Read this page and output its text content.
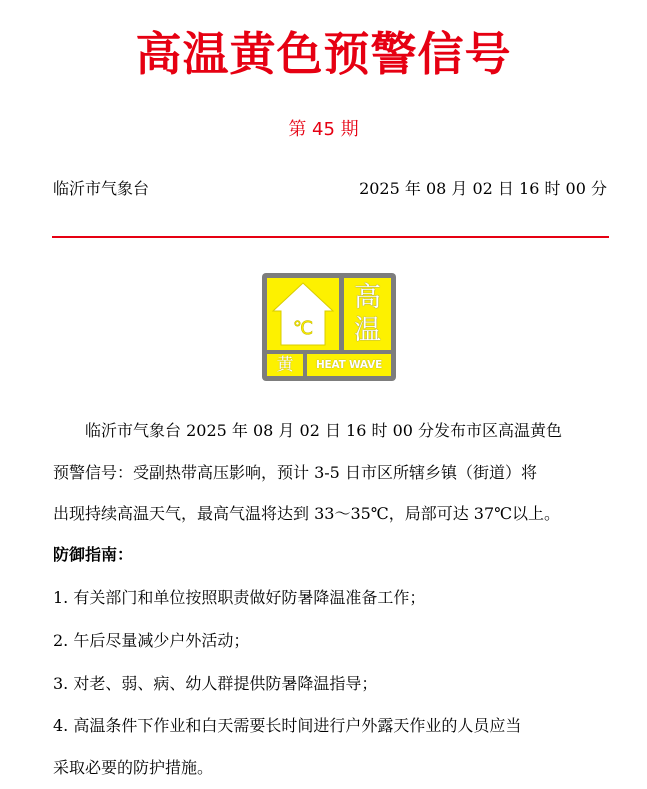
高温黄色预警信号
第 45 期
临沂市气象台	2025 年 08 月 02 日 16 时 00 分
℃
高
温
黄	HEAT WAVE
临沂市气象台 2025 年 08 月 02 日 16 时 00 分发布市区高温黄色
预警信号：受副热带高压影响，预计 3-5 日市区所辖乡镇（街道）将
出现持续高温天气，最高气温将达到 33～35℃，局部可达 37℃以上。
防御指南：
1. 有关部门和单位按照职责做好防暑降温准备工作；
2. 午后尽量减少户外活动；
3. 对老、弱、病、幼人群提供防暑降温指导；
4. 高温条件下作业和白天需要长时间进行户外露天作业的人员应当
采取必要的防护措施。
